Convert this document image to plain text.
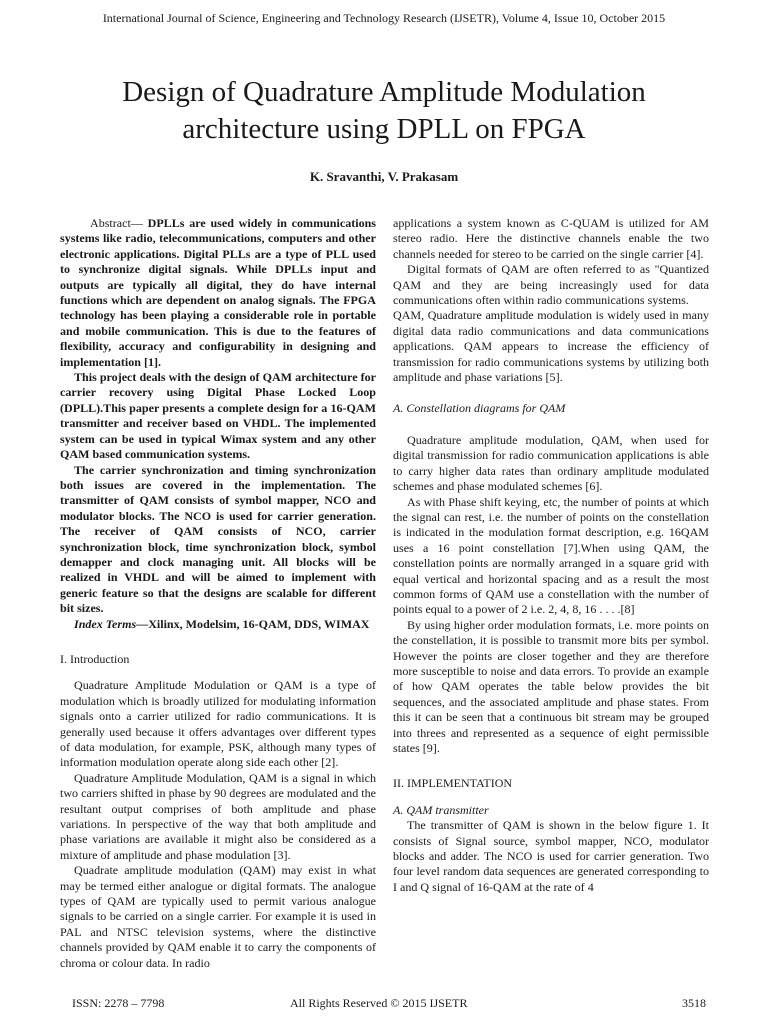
International Journal of Science, Engineering and Technology Research (IJSETR), Volume 4, Issue 10, October 2015
Design of Quadrature Amplitude Modulation
architecture using DPLL on FPGA
K. Sravanthi, V. Prakasam

Abstract— DPLLs are used widely in communications systems like radio, telecommunications, computers and other electronic applications. Digital PLLs are a type of PLL used to synchronize digital signals. While DPLLs input and outputs are typically all digital, they do have internal functions which are dependent on analog signals. The FPGA technology has been playing a considerable role in portable and mobile communication. This is due to the features of flexibility, accuracy and configurability in designing and implementation [1].

This project deals with the design of QAM architecture for carrier recovery using Digital Phase Locked Loop (DPLL).This paper presents a complete design for a 16-QAM transmitter and receiver based on VHDL. The implemented system can be used in typical Wimax system and any other QAM based communication systems.

The carrier synchronization and timing synchronization both issues are covered in the implementation. The transmitter of QAM consists of symbol mapper, NCO and modulator blocks. The NCO is used for carrier generation. The receiver of QAM consists of NCO, carrier synchronization block, time synchronization block, symbol demapper and clock managing unit. All blocks will be realized in VHDL and will be aimed to implement with generic feature so that the designs are scalable for different bit sizes.

Index Terms—Xilinx, Modelsim, 16-QAM, DDS, WIMAX

I. Introduction

Quadrature Amplitude Modulation or QAM is a type of modulation which is broadly utilized for modulating information signals onto a carrier utilized for radio communications. It is generally used because it offers advantages over different types of data modulation, for example, PSK, although many types of information modulation operate along side each other [2].

Quadrature Amplitude Modulation, QAM is a signal in which two carriers shifted in phase by 90 degrees are modulated and the resultant output comprises of both amplitude and phase variations. In perspective of the way that both amplitude and phase variations are available it might also be considered as a mixture of amplitude and phase modulation [3].

Quadrate amplitude modulation (QAM) may exist in what may be termed either analogue or digital formats. The analogue types of QAM are typically used to permit various analogue signals to be carried on a single carrier. For example it is used in PAL and NTSC television systems, where the distinctive channels provided by QAM enable it to carry the components of chroma or colour data. In radio

applications a system known as C-QUAM is utilized for AM stereo radio. Here the distinctive channels enable the two channels needed for stereo to be carried on the single carrier [4].

Digital formats of QAM are often referred to as "Quantized QAM and they are being increasingly used for data communications often within radio communications systems.

QAM, Quadrature amplitude modulation is widely used in many digital data radio communications and data communications applications. QAM appears to increase the efficiency of transmission for radio communications systems by utilizing both amplitude and phase variations [5].

A. Constellation diagrams for QAM

Quadrature amplitude modulation, QAM, when used for digital transmission for radio communication applications is able to carry higher data rates than ordinary amplitude modulated schemes and phase modulated schemes [6].

As with Phase shift keying, etc, the number of points at which the signal can rest, i.e. the number of points on the constellation is indicated in the modulation format description, e.g. 16QAM uses a 16 point constellation [7].When using QAM, the constellation points are normally arranged in a square grid with equal vertical and horizontal spacing and as a result the most common forms of QAM use a constellation with the number of points equal to a power of 2 i.e. 2, 4, 8, 16 . . . .[8]

By using higher order modulation formats, i.e. more points on the constellation, it is possible to transmit more bits per symbol. However the points are closer together and they are therefore more susceptible to noise and data errors. To provide an example of how QAM operates the table below provides the bit sequences, and the associated amplitude and phase states. From this it can be seen that a continuous bit stream may be grouped into threes and represented as a sequence of eight permissible states [9].

II. IMPLEMENTATION

A. QAM transmitter

The transmitter of QAM is shown in the below figure 1. It consists of Signal source, symbol mapper, NCO, modulator blocks and adder. The NCO is used for carrier generation. Two four level random data sequences are generated corresponding to I and Q signal of 16-QAM at the rate of 4

ISSN: 2278 – 7798	All Rights Reserved © 2015 IJSETR	3518
